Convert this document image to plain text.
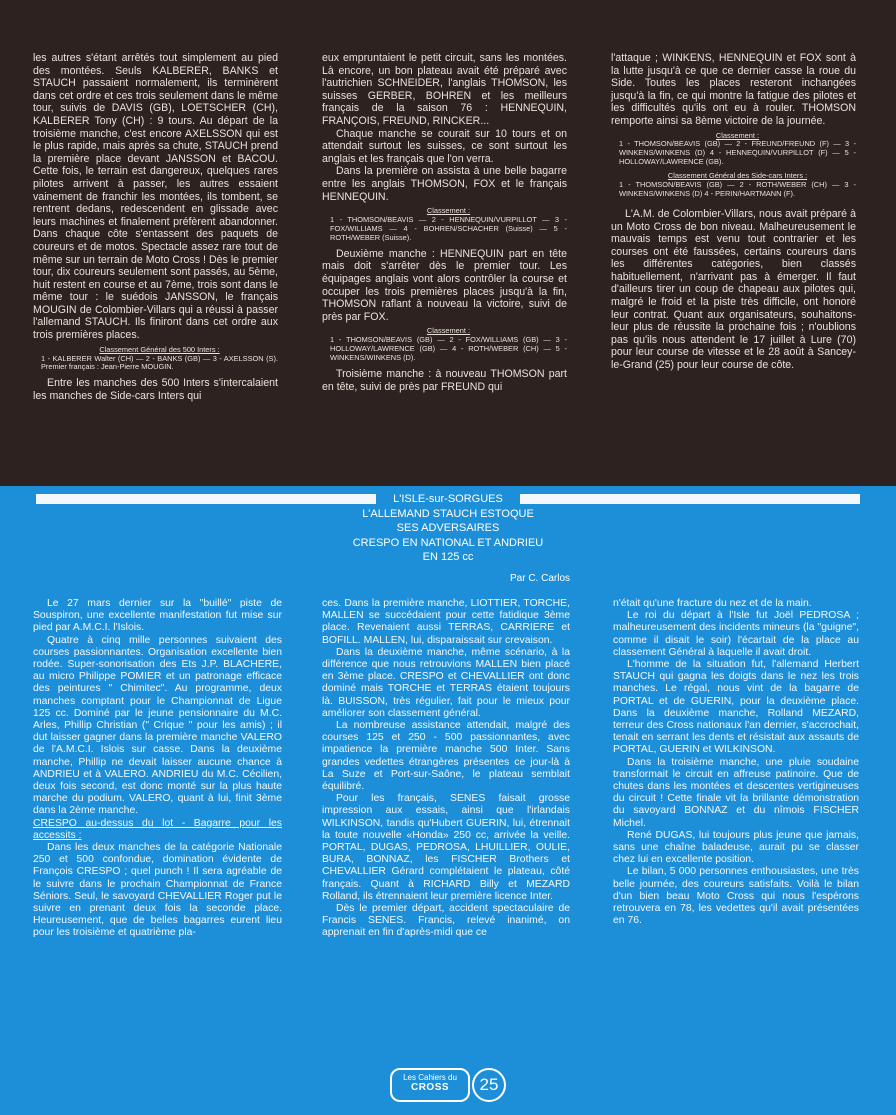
les autres s'étant arrêtés tout simplement au pied des montées. Seuls KALBERER, BANKS et STAUCH passaient normalement, ils terminèrent dans cet ordre et ces trois seulement dans le même tour, suivis de DAVIS (GB), LOETSCHER (CH), KALBERER Tony (CH) : 9 tours. Au départ de la troisième manche, c'est encore AXELSSON qui est le plus rapide, mais après sa chute, STAUCH prend la première place devant JANSSON et BACOU. Cette fois, le terrain est dangereux, quelques rares pilotes arrivent à passer, les autres essaient vainement de franchir les montées, ils tombent, se rentrent dedans, redescendent en glissade avec leurs machines et finalement préfèrent abandonner. Dans chaque côte s'entassent des paquets de coureurs et de motos. Spectacle assez rare tout de même sur un terrain de Moto Cross ! Dès le premier tour, dix coureurs seulement sont passés, au 5ème, huit restent en course et au 7ème, trois sont dans le même tour : le suédois JANSSON, le français MOUGIN de Colombier-Villars qui a réussi à passer l'allemand STAUCH. Ils finiront dans cet ordre aux trois premières places.

Classement Général des 500 Inters :
1 - KALBERER Walter (CH) — 2 - BANKS (GB) — 3 - AXELSSON (S). Premier français : Jean-Pierre MOUGIN.

Entre les manches des 500 Inters s'intercalaient les manches de Side-cars Inters qui

eux empruntaient le petit circuit, sans les montées. Là encore, un bon plateau avait été préparé avec l'autrichien SCHNEIDER, l'anglais THOMSON, les suisses GERBER, BOHREN et les meilleurs français de la saison 76 : HENNEQUIN, FRANÇOIS, FREUND, RINCKER...

Chaque manche se courait sur 10 tours et on attendait surtout les suisses, ce sont surtout les anglais et les français que l'on verra.

Dans la première on assista à une belle bagarre entre les anglais THOMSON, FOX et le français HENNEQUIN.

Classement :
1 - THOMSON/BEAVIS — 2 - HENNEQUIN/VURPILLOT — 3 - FOX/WILLIAMS — 4 - BOHREN/SCHACHER (Suisse) — 5 - ROTH/WEBER (Suisse).

Deuxième manche : HENNEQUIN part en tête mais doit s'arrêter dès le premier tour. Les équipages anglais vont alors contrôler la course et occuper les trois premières places jusqu'à la fin, THOMSON raflant à nouveau la victoire, suivi de près par FOX.

Classement :
1 - THOMSON/BEAVIS (GB) — 2 - FOX/WILLIAMS (GB) — 3 - HOLLOWAY/LAWRENCE (GB) — 4 - ROTH/WEBER (CH) — 5 - WINKENS/WINKENS (D).

Troisième manche : à nouveau THOMSON part en tête, suivi de près par FREUND qui

l'attaque ; WINKENS, HENNEQUIN et FOX sont à la lutte jusqu'à ce que ce dernier casse la roue du Side. Toutes les places resteront inchangées jusqu'à la fin, ce qui montre la fatigue des pilotes et les difficultés qu'ils ont eu à rouler. THOMSON remporte ainsi sa 8ème victoire de la journée.

Classement :
1 - THOMSON/BEAVIS (GB) — 2 - FREUND/FREUND (F) — 3 - WINKENS/WINKENS (D) 4 - HENNEQUIN/VURPILLOT (F) — 5 - HOLLOWAY/LAWRENCE (GB).
Classement Général des Side-cars Inters :
1 - THOMSON/BEAVIS (GB) — 2 - ROTH/WEBER (CH) — 3 - WINKENS/WINKENS (D) 4 - PERIN/HARTMANN (F).

L'A.M. de Colombier-Villars, nous avait préparé à un Moto Cross de bon niveau. Malheureusement le mauvais temps est venu tout contrarier et les courses ont été faussées, certains coureurs dans les différentes catégories, bien classés habituellement, n'arrivant pas à émerger. Il faut d'ailleurs tirer un coup de chapeau aux pilotes qui, malgré le froid et la piste très difficile, ont honoré leur contrat. Quant aux organisateurs, souhaitons-leur plus de réussite la prochaine fois ; n'oublions pas qu'ils nous attendent le 17 juillet à Lure (70) pour leur course de vitesse et le 28 août à Sancey-le-Grand (25) pour leur course de côte.

L'ISLE-sur-SORGUES
L'ALLEMAND STAUCH ESTOQUE
SES ADVERSAIRES
CRESPO EN NATIONAL ET ANDRIEU
EN 125 cc
Par C. Carlos

Le 27 mars dernier sur la "buillé" piste de Souspiron, une excellente manifestation fut mise sur pied par A.M.C.I. l'Islois.

Quatre à cinq mille personnes suivaient des courses passionnantes. Organisation excellente bien rodée. Super-sonorisation des Ets J.P. BLACHERE, au micro Philippe POMIER et un patronage efficace des peintures " Chimitec". Au programme, deux manches comptant pour le Championnat de Ligue 125 cc. Dominé par le jeune pensionnaire du M.C. Arles, Phillip Christian (" Crique " pour les amis) ; il dut laisser gagner dans la première manche VALERO de l'A.M.C.I. Islois sur casse. Dans la deuxième manche, Phillip ne devait laisser aucune chance à ANDRIEU et à VALERO. ANDRIEU du M.C. Cécilien, deux fois second, est donc monté sur la plus haute marche du podium. VALERO, quant à lui, finit 3ème dans la 2ème manche.

CRESPO au-dessus du lot - Bagarre pour les accessits :

Dans les deux manches de la catégorie Nationale 250 et 500 confondue, domination évidente de François CRESPO ; quel punch ! Il sera agréable de le suivre dans le prochain Championnat de France Séniors. Seul, le savoyard CHEVALLIER Roger put le suivre en prenant deux fois la seconde place. Heureusement, que de belles bagarres eurent lieu pour les troisième et quatrième pla-

ces. Dans la première manche, LIOTTIER, TORCHE, MALLEN se succédaient pour cette fatidique 3ème place. Revenaient aussi TERRAS, CARRIERE et BOFILL. MALLEN, lui, disparaissait sur crevaison.

Dans la deuxième manche, même scénario, à la différence que nous retrouvions MALLEN bien placé en 3ème place. CRESPO et CHEVALLIER ont donc dominé mais TORCHE et TERRAS étaient toujours là. BUISSON, très régulier, fait pour le mieux pour améliorer son classement général.

La nombreuse assistance attendait, malgré des courses 125 et 250 - 500 passionnantes, avec impatience la première manche 500 Inter. Sans grandes vedettes étrangères présentes ce jour-là à La Suze et Port-sur-Saône, le plateau semblait équilibré.

Pour les français, SENES faisait grosse impression aux essais, ainsi que l'irlandais WILKINSON, tandis qu'Hubert GUERIN, lui, étrennait la toute nouvelle «Honda» 250 cc, arrivée la veille. PORTAL, DUGAS, PEDROSA, LHUILLIER, OULIE, BURA, BONNAZ, les FISCHER Brothers et CHEVALLIER Gérard complétaient le plateau, côté français. Quant à RICHARD Billy et MEZARD Rolland, ils étrennaient leur première licence Inter.

Dès le premier départ, accident spectaculaire de Francis SENES. Francis, relevé inanimé, on apprenait en fin d'après-midi que ce

n'était qu'une fracture du nez et de la main.

Le roi du départ à l'Isle fut Joël PEDROSA ; malheureusement des incidents mineurs (la "guigne", comme il disait le soir) l'écartait de la place au classement Général à laquelle il avait droit.

L'homme de la situation fut, l'allemand Herbert STAUCH qui gagna les doigts dans le nez les trois manches. Le régal, nous vint de la bagarre de PORTAL et de GUERIN, pour la deuxième place. Dans la deuxième manche, Rolland MEZARD, terreur des Cross nationaux l'an dernier, s'accrochait, tenait en serrant les dents et résistait aux assauts de PORTAL, GUERIN et WILKINSON.

Dans la troisième manche, une pluie soudaine transformait le circuit en affreuse patinoire. Que de chutes dans les montées et descentes vertigineuses du circuit ! Cette finale vit la brillante démonstration du savoyard BONNAZ et du nîmois FISCHER Michel.

René DUGAS, lui toujours plus jeune que jamais, sans une chaîne baladeuse, aurait pu se classer chez lui en excellente position.

Le bilan, 5 000 personnes enthousiastes, une très belle journée, des coureurs satisfaits. Voilà le bilan d'un bien beau Moto Cross qui nous l'espérons retrouvera en 78, les vedettes qu'il avait présentées en 76.

Les Cahiers du
CROSS	25
